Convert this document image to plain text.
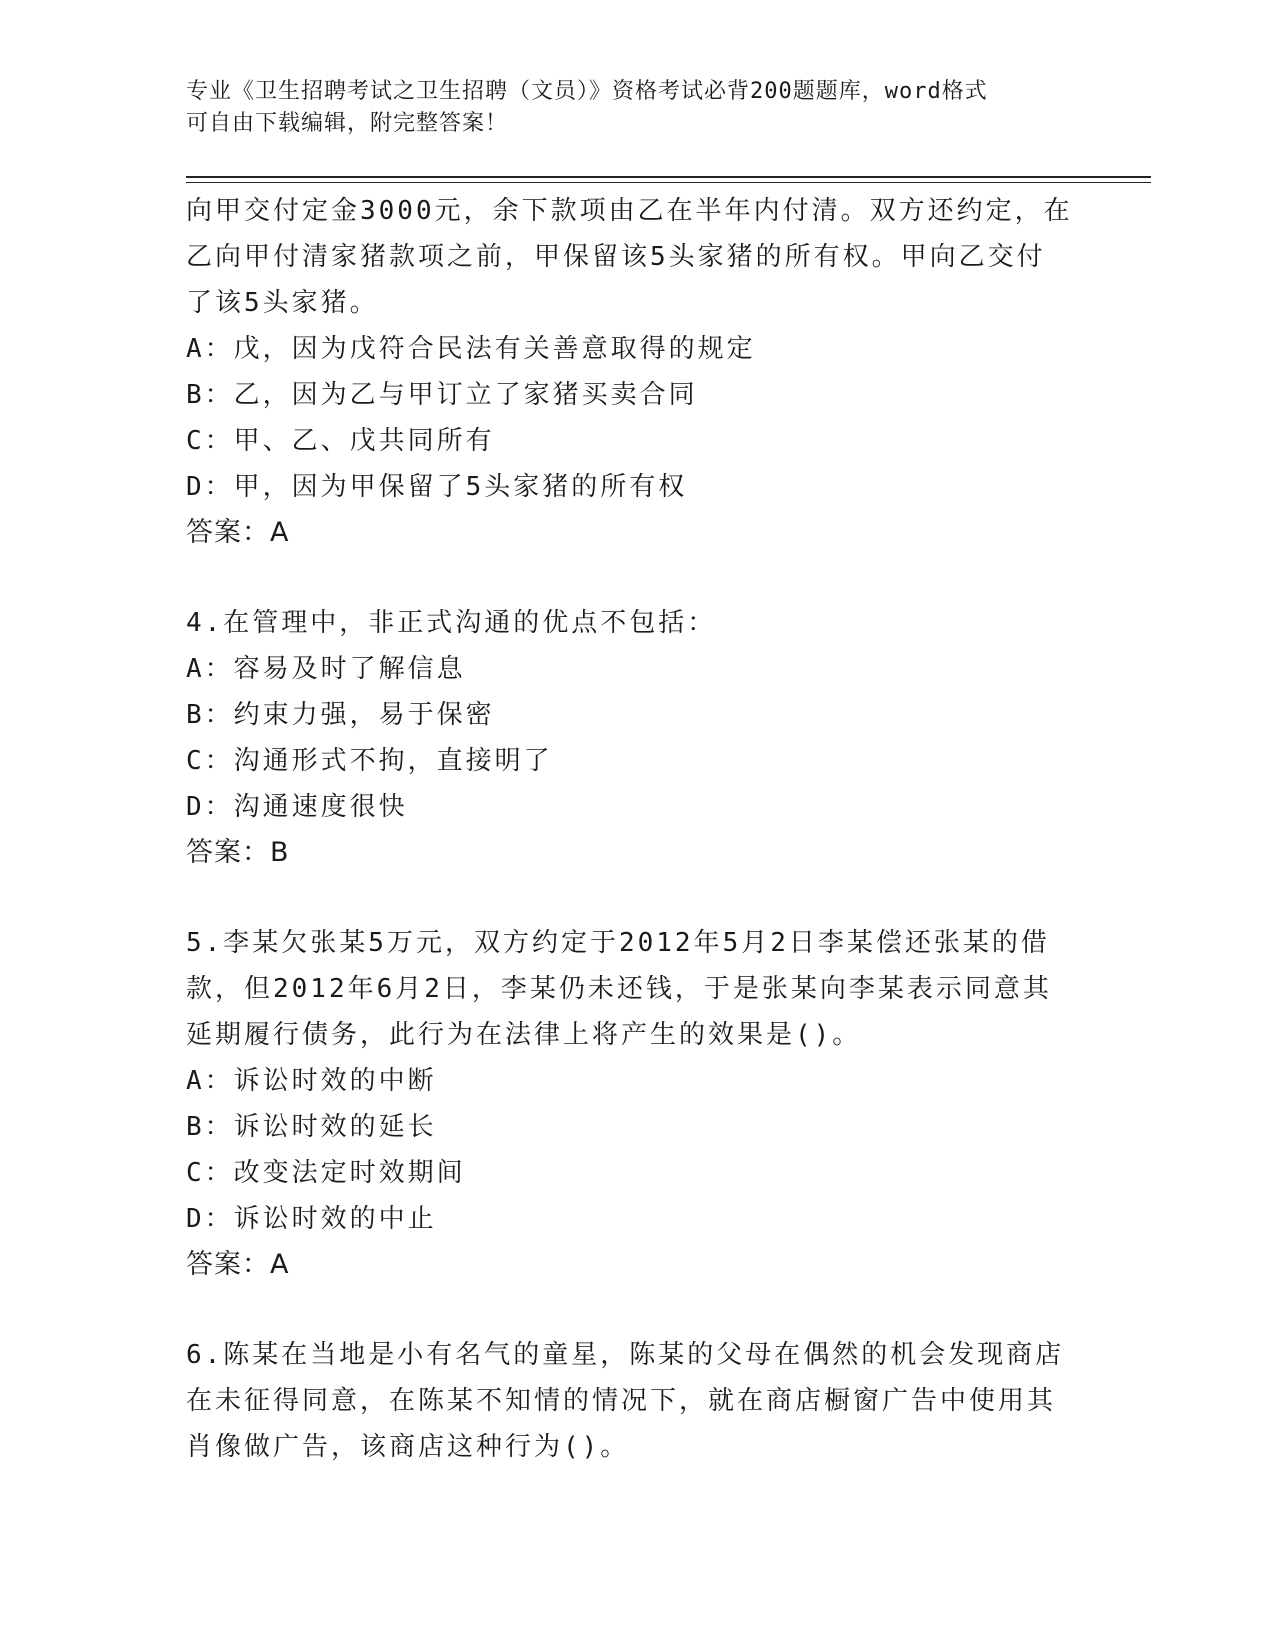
专业《卫生招聘考试之卫生招聘（文员）》资格考试必背200题题库，word格式
可自由下载编辑，附完整答案！
向甲交付定金3000元，余下款项由乙在半年内付清。双方还约定，在
乙向甲付清家猪款项之前，甲保留该5头家猪的所有权。甲向乙交付
了该5头家猪。
A：戊，因为戊符合民法有关善意取得的规定
B：乙，因为乙与甲订立了家猪买卖合同
C：甲、乙、戊共同所有
D：甲，因为甲保留了5头家猪的所有权
答案：A
4.在管理中，非正式沟通的优点不包括：
A：容易及时了解信息
B：约束力强，易于保密
C：沟通形式不拘，直接明了
D：沟通速度很快
答案：B
5.李某欠张某5万元，双方约定于2012年5月2日李某偿还张某的借
款，但2012年6月2日，李某仍未还钱，于是张某向李某表示同意其
延期履行债务，此行为在法律上将产生的效果是()。
A：诉讼时效的中断
B：诉讼时效的延长
C：改变法定时效期间
D：诉讼时效的中止
答案：A
6.陈某在当地是小有名气的童星，陈某的父母在偶然的机会发现商店
在未征得同意，在陈某不知情的情况下，就在商店橱窗广告中使用其
肖像做广告，该商店这种行为()。
